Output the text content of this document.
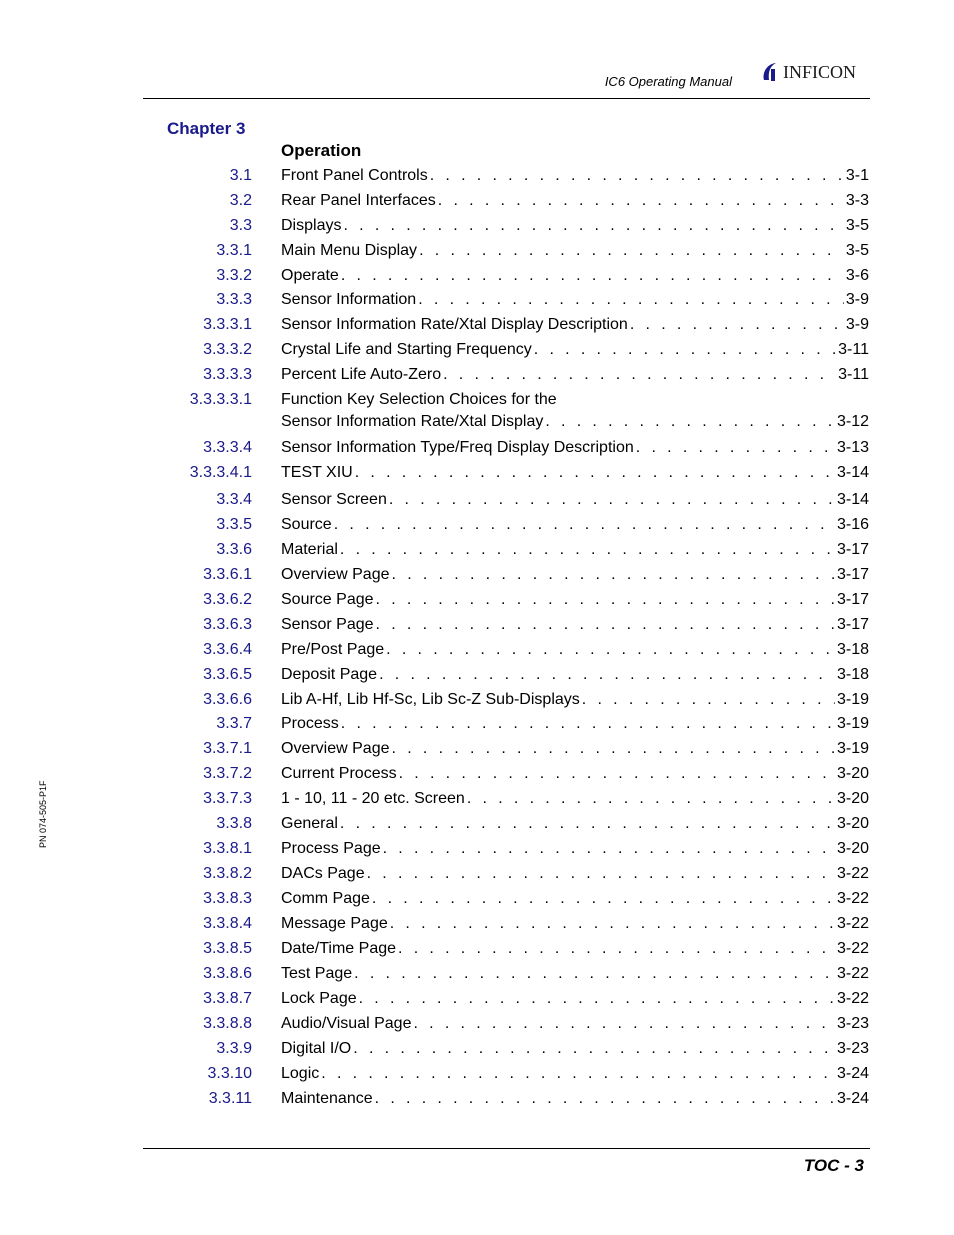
IC6 Operating Manual	INFICON
Chapter 3
Operation
3.1 Front Panel Controls . . .	3-1
3.2 Rear Panel Interfaces . . .	3-3
3.3 Displays . . .	3-5
3.3.1 Main Menu Display . . .	3-5
3.3.2 Operate . . .	3-6
3.3.3 Sensor Information . . .	3-9
3.3.3.1 Sensor Information Rate/Xtal Display Description . . .	3-9
3.3.3.2 Crystal Life and Starting Frequency . . .	3-11
3.3.3.3 Percent Life Auto-Zero . . .	3-11
3.3.3.3.1 Function Key Selection Choices for the
Sensor Information Rate/Xtal Display . . .	3-12
3.3.3.4 Sensor Information Type/Freq Display Description . . .	3-13
3.3.3.4.1 TEST XIU . . .	3-14
3.3.4 Sensor Screen . . .	3-14
3.3.5 Source . . .	3-16
3.3.6 Material . . .	3-17
3.3.6.1 Overview Page . . .	3-17
3.3.6.2 Source Page . . .	3-17
3.3.6.3 Sensor Page . . .	3-17
3.3.6.4 Pre/Post Page . . .	3-18
3.3.6.5 Deposit Page . . .	3-18
3.3.6.6 Lib A-Hf, Lib Hf-Sc, Lib Sc-Z Sub-Displays . . .	3-19
3.3.7 Process . . .	3-19
3.3.7.1 Overview Page . . .	3-19
3.3.7.2 Current Process . . .	3-20
3.3.7.3 1 - 10, 11 - 20 etc. Screen . . .	3-20
3.3.8 General . . .	3-20
3.3.8.1 Process Page . . .	3-20
3.3.8.2 DACs Page . . .	3-22
3.3.8.3 Comm Page . . .	3-22
3.3.8.4 Message Page . . .	3-22
3.3.8.5 Date/Time Page . . .	3-22
3.3.8.6 Test Page . . .	3-22
3.3.8.7 Lock Page . . .	3-22
3.3.8.8 Audio/Visual Page . . .	3-23
3.3.9 Digital I/O . . .	3-23
3.3.10 Logic . . .	3-24
3.3.11 Maintenance . . .	3-24
PN 074-505-P1F
TOC - 3
